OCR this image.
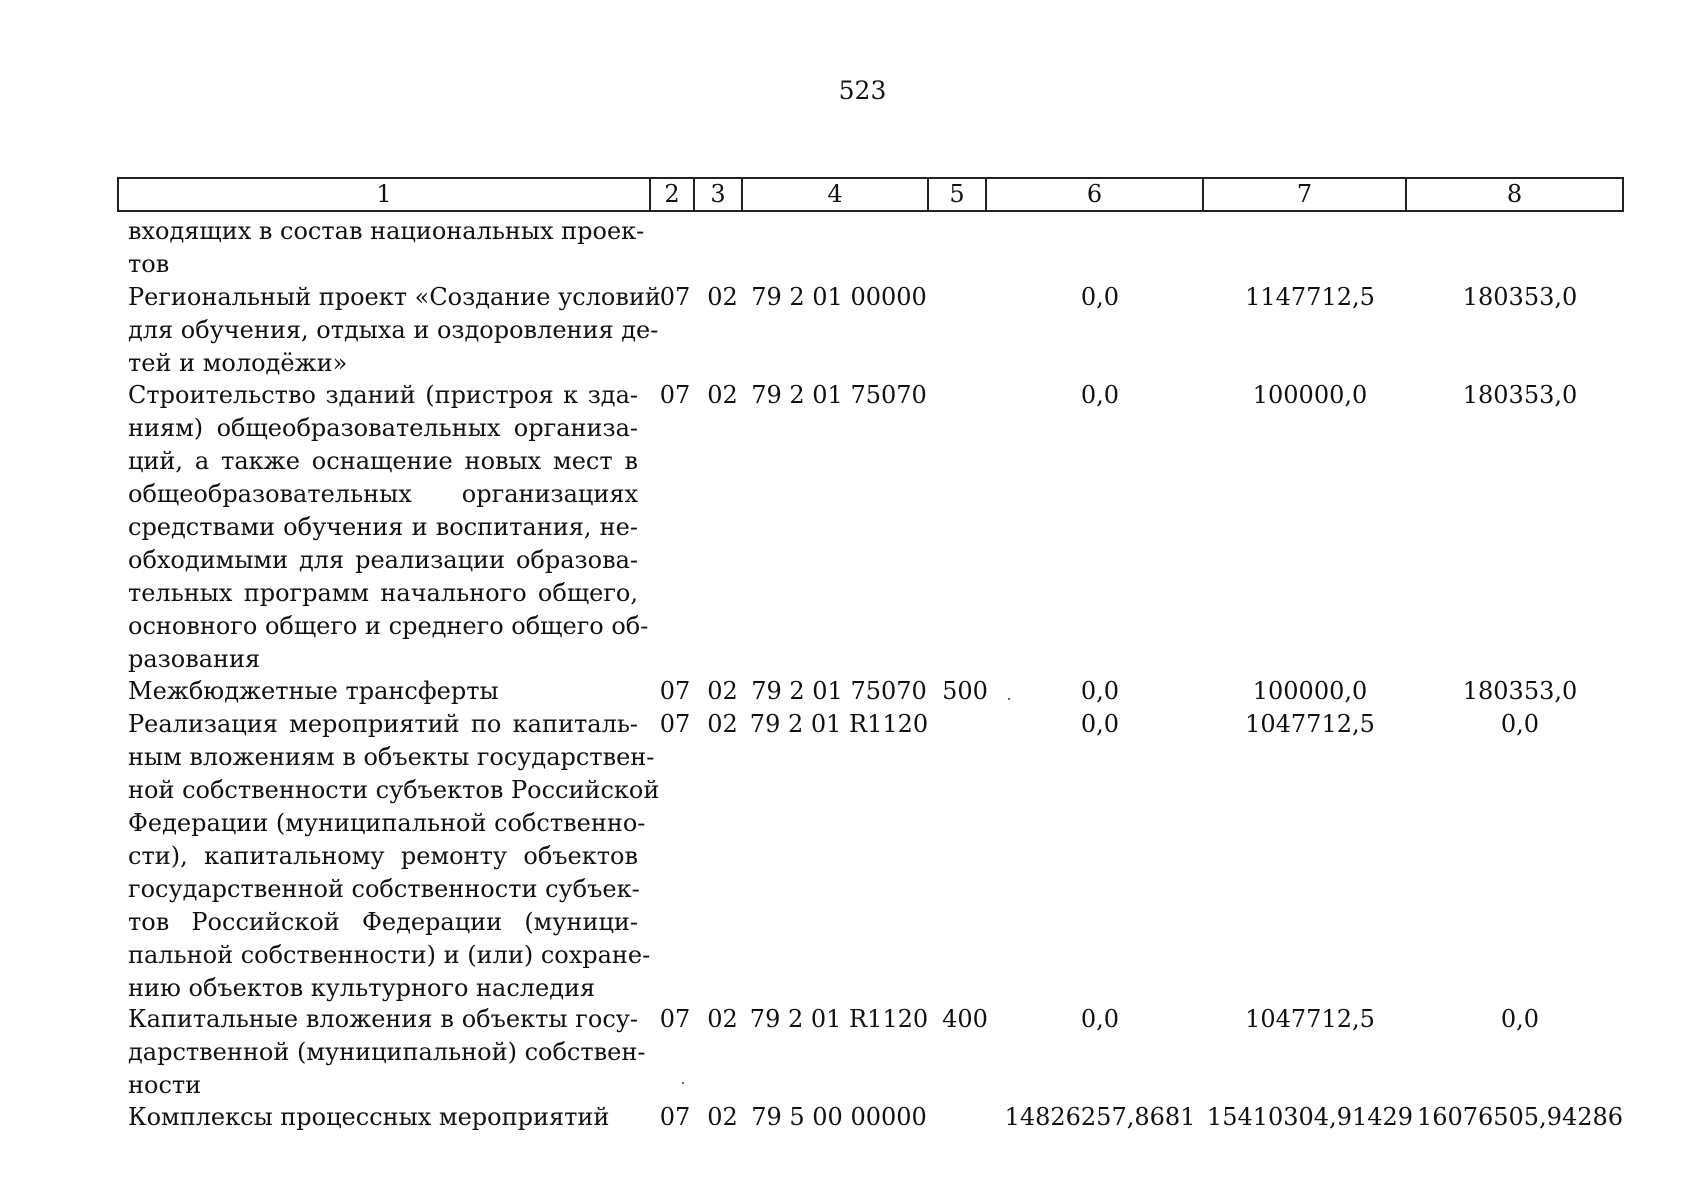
523
1	2	3	4	5	6	7	8
входящих в состав национальных проек-
тов
Региональный проект «Создание условий
для обучения, отдыха и оздоровления де-
тей и молодёжи»
07 02 79 2 01 00000	0,0	1147712,5	180353,0
Строительство зданий (пристроя к зда-
ниям) общеобразовательных организа-
ций, а также оснащение новых мест в
общеобразовательных организациях
средствами обучения и воспитания, не-
обходимыми для реализации образова-
тельных программ начального общего,
основного общего и среднего общего об-
разования
07 02 79 2 01 75070	0,0	100000,0	180353,0
Межбюджетные трансферты	07 02 79 2 01 75070 500	0,0	100000,0	180353,0
Реализация мероприятий по капиталь-
ным вложениям в объекты государствен-
ной собственности субъектов Российской
Федерации (муниципальной собственно-
сти), капитальному ремонту объектов
государственной собственности субъек-
тов Российской Федерации (муници-
пальной собственности) и (или) сохране-
нию объектов культурного наследия
07 02 79 2 01 R1120	0,0	1047712,5	0,0
Капитальные вложения в объекты госу-
дарственной (муниципальной) собствен-
ности
07 02 79 2 01 R1120 400	0,0	1047712,5	0,0
Комплексы процессных мероприятий	07 02 79 5 00 00000	14826257,8681 15410304,91429 16076505,94286
